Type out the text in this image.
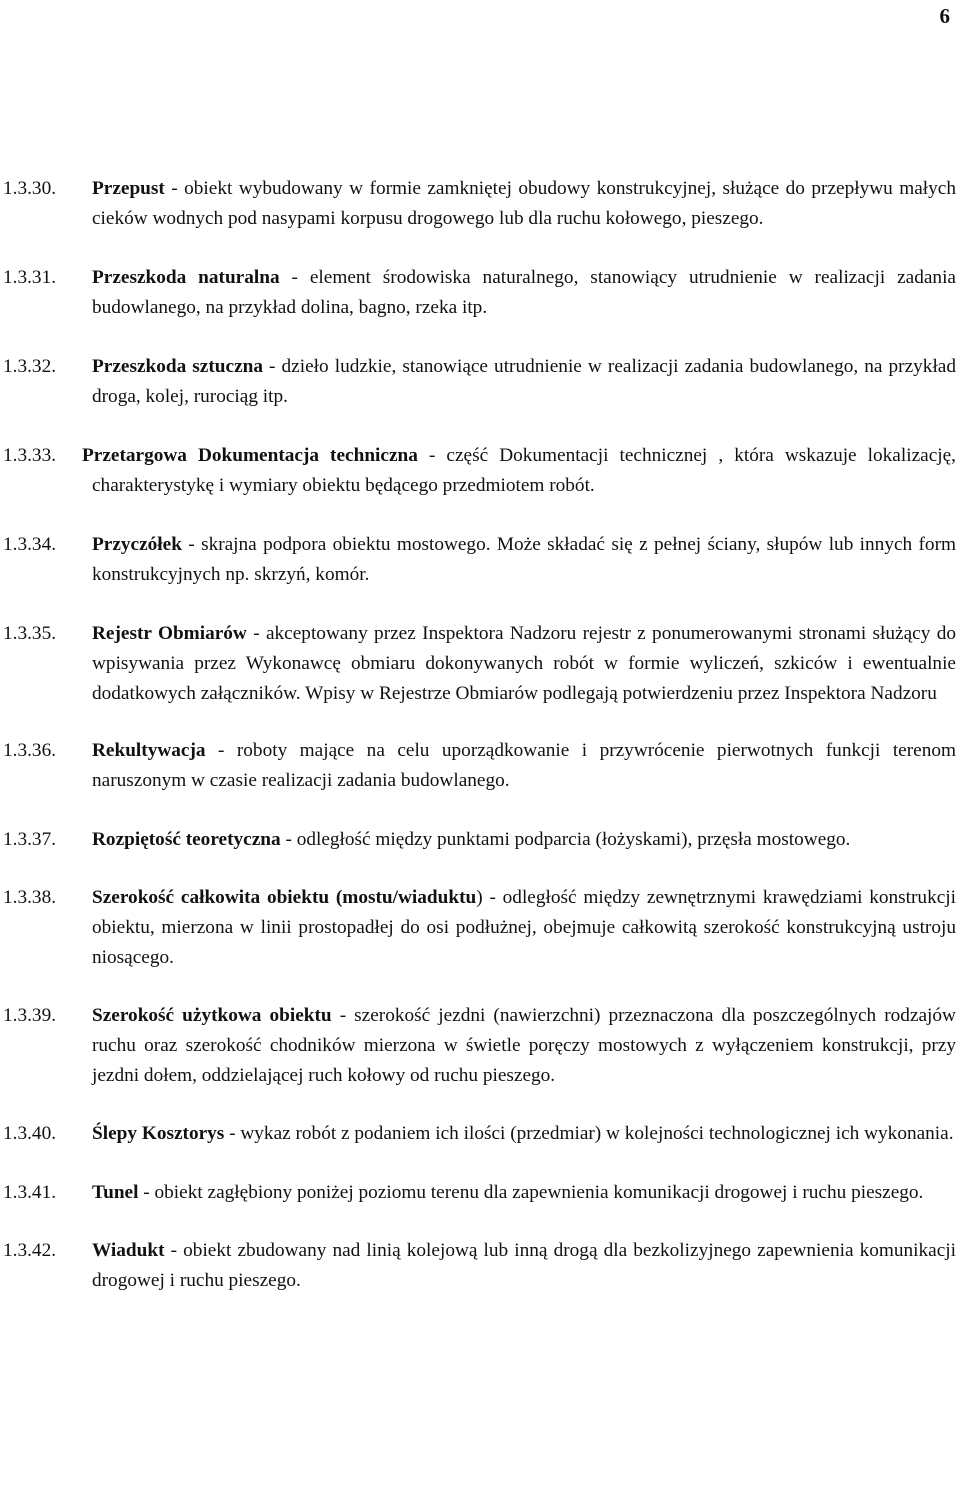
6
1.3.30. Przepust - obiekt wybudowany w formie zamkniętej obudowy konstrukcyjnej, służące do przepływu małych cieków wodnych pod nasypami korpusu drogowego lub dla ruchu kołowego, pieszego.
1.3.31. Przeszkoda naturalna - element środowiska naturalnego, stanowiący utrudnienie w realizacji zadania budowlanego, na przykład dolina, bagno, rzeka itp.
1.3.32. Przeszkoda sztuczna - dzieło ludzkie, stanowiące utrudnienie w realizacji zadania budowlanego, na przykład droga, kolej, rurociąg itp.
1.3.33. Przetargowa Dokumentacja techniczna - część Dokumentacji technicznej , która wskazuje lokalizację, charakterystykę i wymiary obiektu będącego przedmiotem robót.
1.3.34. Przyczółek - skrajna podpora obiektu mostowego. Może składać się z pełnej ściany, słupów lub innych form konstrukcyjnych np. skrzyń, komór.
1.3.35. Rejestr Obmiarów - akceptowany przez Inspektora Nadzoru rejestr z ponumerowanymi stronami służący do wpisywania przez Wykonawcę obmiaru dokonywanych robót w formie wyliczeń, szkiców i ewentualnie dodatkowych załączników. Wpisy w Rejestrze Obmiarów podlegają potwierdzeniu przez Inspektora Nadzoru
1.3.36. Rekultywacja - roboty mające na celu uporządkowanie i przywrócenie pierwotnych funkcji terenom naruszonym w czasie realizacji zadania budowlanego.
1.3.37. Rozpiętość teoretyczna - odległość między punktami podparcia (łożyskami), przęsła mostowego.
1.3.38. Szerokość całkowita obiektu (mostu/wiaduktu) - odległość między zewnętrznymi krawędziami konstrukcji obiektu, mierzona w linii prostopadłej do osi podłużnej, obejmuje całkowitą szerokość konstrukcyjną ustroju niosącego.
1.3.39. Szerokość użytkowa obiektu - szerokość jezdni (nawierzchni) przeznaczona dla poszczególnych rodzajów ruchu oraz szerokość chodników mierzona w świetle poręczy mostowych z wyłączeniem konstrukcji, przy jezdni dołem, oddzielającej ruch kołowy od ruchu pieszego.
1.3.40. Ślepy Kosztorys - wykaz robót z podaniem ich ilości (przedmiar) w kolejności technologicznej ich wykonania.
1.3.41. Tunel - obiekt zagłębiony poniżej poziomu terenu dla zapewnienia komunikacji drogowej i ruchu pieszego.
1.3.42. Wiadukt - obiekt zbudowany nad linią kolejową lub inną drogą dla bezkolizyjnego zapewnienia komunikacji drogowej i ruchu pieszego.
